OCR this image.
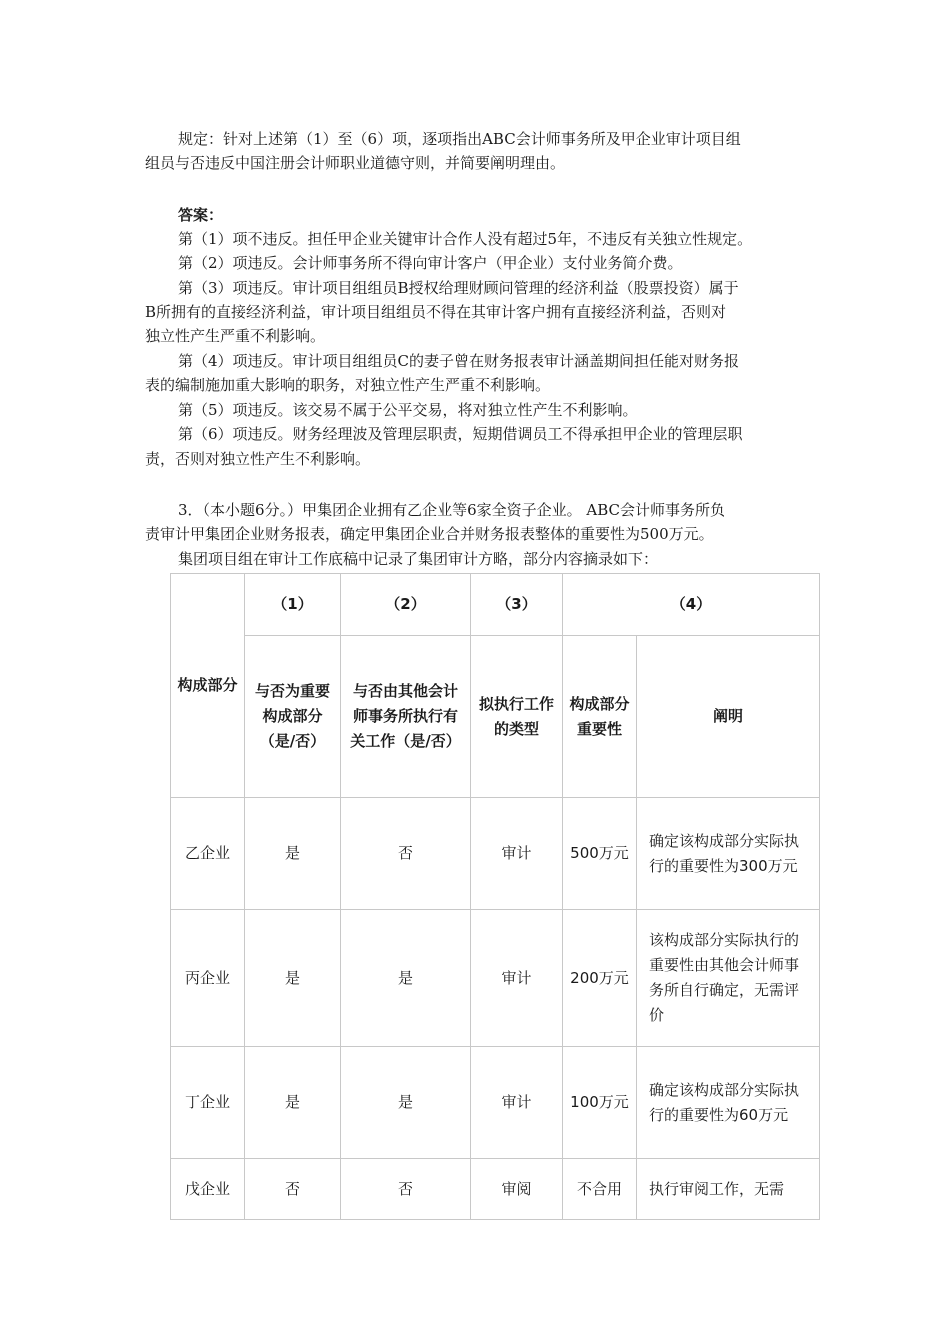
规定：针对上述第（1）至（6）项，逐项指出ABC会计师事务所及甲企业审计项目组
组员与否违反中国注册会计师职业道德守则，并简要阐明理由。
答案：
第（1）项不违反。担任甲企业关键审计合作人没有超过5年，不违反有关独立性规定。
第（2）项违反。会计师事务所不得向审计客户（甲企业）支付业务简介费。
第（3）项违反。审计项目组组员B授权给理财顾问管理的经济利益（股票投资）属于
B所拥有的直接经济利益，审计项目组组员不得在其审计客户拥有直接经济利益，否则对
独立性产生严重不利影响。
第（4）项违反。审计项目组组员C的妻子曾在财务报表审计涵盖期间担任能对财务报
表的编制施加重大影响的职务，对独立性产生严重不利影响。
第（5）项违反。该交易不属于公平交易，将对独立性产生不利影响。
第（6）项违反。财务经理波及管理层职责，短期借调员工不得承担甲企业的管理层职
责，否则对独立性产生不利影响。
3．（本小题6分。）甲集团企业拥有乙企业等6家全资子企业。 ABC会计师事务所负
责审计甲集团企业财务报表，确定甲集团企业合并财务报表整体的重要性为500万元。
集团项目组在审计工作底稿中记录了集团审计方略，部分内容摘录如下：
构成部分	（1）	（2）	（3）	（4）	
	与否为重要构成部分（是/否）	与否由其他会计师事务所执行有关工作（是/否）	拟执行工作的类型	构成部分重要性	阐明
乙企业	是	否	审计	500万元	确定该构成部分实际执行的重要性为300万元
丙企业	是	是	审计	200万元	该构成部分实际执行的重要性由其他会计师事务所自行确定，无需评价
丁企业	是	是	审计	100万元	确定该构成部分实际执行的重要性为60万元
戊企业	否	否	审阅	不合用	执行审阅工作，无需
